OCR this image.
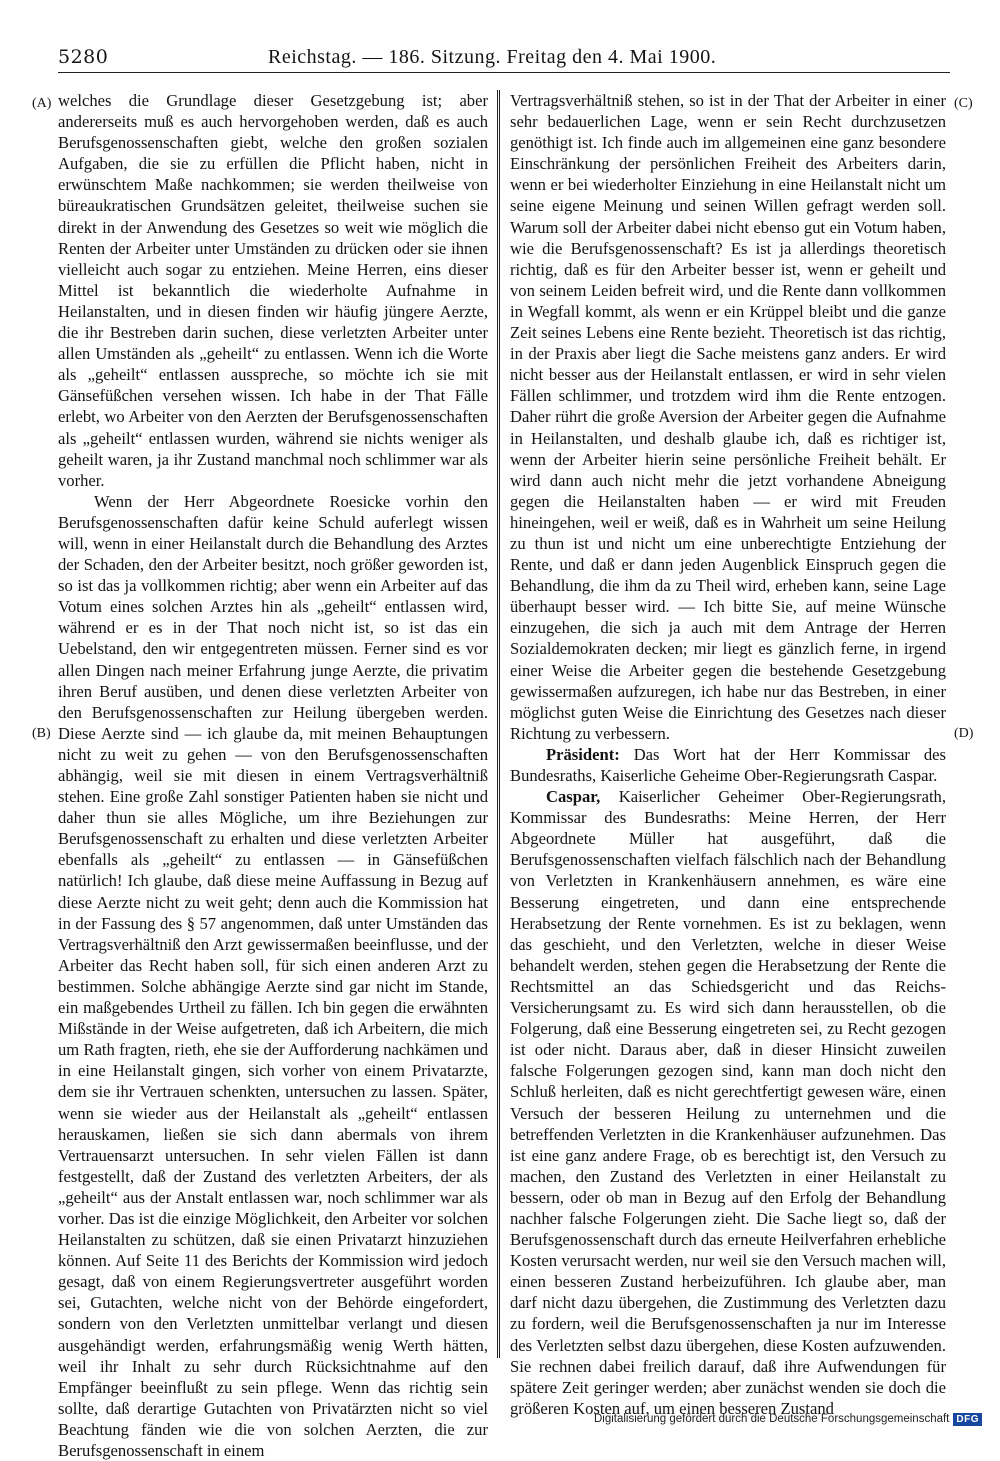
5280	Reichstag. — 186. Sitzung. Freitag den 4. Mai 1900.
(A)
(B)
(C)
(D)

welches die Grundlage dieser Gesetzgebung ist; aber andererseits muß es auch hervorgehoben werden, daß es auch Berufsgenossenschaften giebt, welche den großen sozialen Aufgaben, die sie zu erfüllen die Pflicht haben, nicht in erwünschtem Maße nachkommen; sie werden theilweise von büreaukratischen Grundsätzen geleitet, theilweise suchen sie direkt in der Anwendung des Gesetzes so weit wie möglich die Renten der Arbeiter unter Umständen zu drücken oder sie ihnen vielleicht auch sogar zu entziehen. Meine Herren, eins dieser Mittel ist bekanntlich die wiederholte Aufnahme in Heilanstalten, und in diesen finden wir häufig jüngere Aerzte, die ihr Bestreben darin suchen, diese verletzten Arbeiter unter allen Umständen als „geheilt“ zu entlassen. Wenn ich die Worte als „geheilt“ entlassen ausspreche, so möchte ich sie mit Gänsefüßchen versehen wissen. Ich habe in der That Fälle erlebt, wo Arbeiter von den Aerzten der Berufsgenossenschaften als „geheilt“ entlassen wurden, während sie nichts weniger als geheilt waren, ja ihr Zustand manchmal noch schlimmer war als vorher.

Wenn der Herr Abgeordnete Roesicke vorhin den Berufsgenossenschaften dafür keine Schuld auferlegt wissen will, wenn in einer Heilanstalt durch die Behandlung des Arztes der Schaden, den der Arbeiter besitzt, noch größer geworden ist, so ist das ja vollkommen richtig; aber wenn ein Arbeiter auf das Votum eines solchen Arztes hin als „geheilt“ entlassen wird, während er es in der That noch nicht ist, so ist das ein Uebelstand, den wir entgegentreten müssen. Ferner sind es vor allen Dingen nach meiner Erfahrung junge Aerzte, die privatim ihren Beruf ausüben, und denen diese verletzten Arbeiter von den Berufsgenossenschaften zur Heilung übergeben werden. Diese Aerzte sind — ich glaube da, mit meinen Behauptungen nicht zu weit zu gehen — von den Berufsgenossenschaften abhängig, weil sie mit diesen in einem Vertragsverhältniß stehen. Eine große Zahl sonstiger Patienten haben sie nicht und daher thun sie alles Mögliche, um ihre Beziehungen zur Berufsgenossenschaft zu erhalten und diese verletzten Arbeiter ebenfalls als „geheilt“ zu entlassen — in Gänsefüßchen natürlich! Ich glaube, daß diese meine Auffassung in Bezug auf diese Aerzte nicht zu weit geht; denn auch die Kommission hat in der Fassung des § 57 angenommen, daß unter Umständen das Vertragsverhältniß den Arzt gewissermaßen beeinflusse, und der Arbeiter das Recht haben soll, für sich einen anderen Arzt zu bestimmen. Solche abhängige Aerzte sind gar nicht im Stande, ein maßgebendes Urtheil zu fällen. Ich bin gegen die erwähnten Mißstände in der Weise aufgetreten, daß ich Arbeitern, die mich um Rath fragten, rieth, ehe sie der Aufforderung nachkämen und in eine Heilanstalt gingen, sich vorher von einem Privatarzte, dem sie ihr Vertrauen schenkten, untersuchen zu lassen. Später, wenn sie wieder aus der Heilanstalt als „geheilt“ entlassen herauskamen, ließen sie sich dann abermals von ihrem Vertrauensarzt untersuchen. In sehr vielen Fällen ist dann festgestellt, daß der Zustand des verletzten Arbeiters, der als „geheilt“ aus der Anstalt entlassen war, noch schlimmer war als vorher. Das ist die einzige Möglichkeit, den Arbeiter vor solchen Heilanstalten zu schützen, daß sie einen Privatarzt hinzuziehen können. Auf Seite 11 des Berichts der Kommission wird jedoch gesagt, daß von einem Regierungsvertreter ausgeführt worden sei, Gutachten, welche nicht von der Behörde eingefordert, sondern von den Verletzten unmittelbar verlangt und diesen ausgehändigt werden, erfahrungsmäßig wenig Werth hätten, weil ihr Inhalt zu sehr durch Rücksichtnahme auf den Empfänger beeinflußt zu sein pflege. Wenn das richtig sein sollte, daß derartige Gutachten von Privatärzten nicht so viel Beachtung fänden wie die von solchen Aerzten, die zur Berufsgenossenschaft in einem

Vertragsverhältniß stehen, so ist in der That der Arbeiter in einer sehr bedauerlichen Lage, wenn er sein Recht durchzusetzen genöthigt ist. Ich finde auch im allgemeinen eine ganz besondere Einschränkung der persönlichen Freiheit des Arbeiters darin, wenn er bei wiederholter Einziehung in eine Heilanstalt nicht um seine eigene Meinung und seinen Willen gefragt werden soll. Warum soll der Arbeiter dabei nicht ebenso gut ein Votum haben, wie die Berufsgenossenschaft? Es ist ja allerdings theoretisch richtig, daß es für den Arbeiter besser ist, wenn er geheilt und von seinem Leiden befreit wird, und die Rente dann vollkommen in Wegfall kommt, als wenn er ein Krüppel bleibt und die ganze Zeit seines Lebens eine Rente bezieht. Theoretisch ist das richtig, in der Praxis aber liegt die Sache meistens ganz anders. Er wird nicht besser aus der Heilanstalt entlassen, er wird in sehr vielen Fällen schlimmer, und trotzdem wird ihm die Rente entzogen. Daher rührt die große Aversion der Arbeiter gegen die Aufnahme in Heilanstalten, und deshalb glaube ich, daß es richtiger ist, wenn der Arbeiter hierin seine persönliche Freiheit behält. Er wird dann auch nicht mehr die jetzt vorhandene Abneigung gegen die Heilanstalten haben — er wird mit Freuden hineingehen, weil er weiß, daß es in Wahrheit um seine Heilung zu thun ist und nicht um eine unberechtigte Entziehung der Rente, und daß er dann jeden Augenblick Einspruch gegen die Behandlung, die ihm da zu Theil wird, erheben kann, seine Lage überhaupt besser wird. — Ich bitte Sie, auf meine Wünsche einzugehen, die sich ja auch mit dem Antrage der Herren Sozialdemokraten decken; mir liegt es gänzlich ferne, in irgend einer Weise die Arbeiter gegen die bestehende Gesetzgebung gewissermaßen aufzuregen, ich habe nur das Bestreben, in einer möglichst guten Weise die Einrichtung des Gesetzes nach dieser Richtung zu verbessern.

Präsident: Das Wort hat der Herr Kommissar des Bundesraths, Kaiserliche Geheime Ober-Regierungsrath Caspar.

Caspar, Kaiserlicher Geheimer Ober-Regierungsrath, Kommissar des Bundesraths: Meine Herren, der Herr Abgeordnete Müller hat ausgeführt, daß die Berufsgenossenschaften vielfach fälschlich nach der Behandlung von Verletzten in Krankenhäusern annehmen, es wäre eine Besserung eingetreten, und dann eine entsprechende Herabsetzung der Rente vornehmen. Es ist zu beklagen, wenn das geschieht, und den Verletzten, welche in dieser Weise behandelt werden, stehen gegen die Herabsetzung der Rente die Rechtsmittel an das Schiedsgericht und das Reichs-Versicherungsamt zu. Es wird sich dann herausstellen, ob die Folgerung, daß eine Besserung eingetreten sei, zu Recht gezogen ist oder nicht. Daraus aber, daß in dieser Hinsicht zuweilen falsche Folgerungen gezogen sind, kann man doch nicht den Schluß herleiten, daß es nicht gerechtfertigt gewesen wäre, einen Versuch der besseren Heilung zu unternehmen und die betreffenden Verletzten in die Krankenhäuser aufzunehmen. Das ist eine ganz andere Frage, ob es berechtigt ist, den Versuch zu machen, den Zustand des Verletzten in einer Heilanstalt zu bessern, oder ob man in Bezug auf den Erfolg der Behandlung nachher falsche Folgerungen zieht. Die Sache liegt so, daß der Berufsgenossenschaft durch das erneute Heilverfahren erhebliche Kosten verursacht werden, nur weil sie den Versuch machen will, einen besseren Zustand herbeizuführen. Ich glaube aber, man darf nicht dazu übergehen, die Zustimmung des Verletzten dazu zu fordern, weil die Berufsgenossenschaften ja nur im Interesse des Verletzten selbst dazu übergehen, diese Kosten aufzuwenden. Sie rechnen dabei freilich darauf, daß ihre Aufwendungen für spätere Zeit geringer werden; aber zunächst wenden sie doch die größeren Kosten auf, um einen besseren Zustand

Digitalisierung gefördert durch die Deutsche Forschungsgemeinschaft DFG
